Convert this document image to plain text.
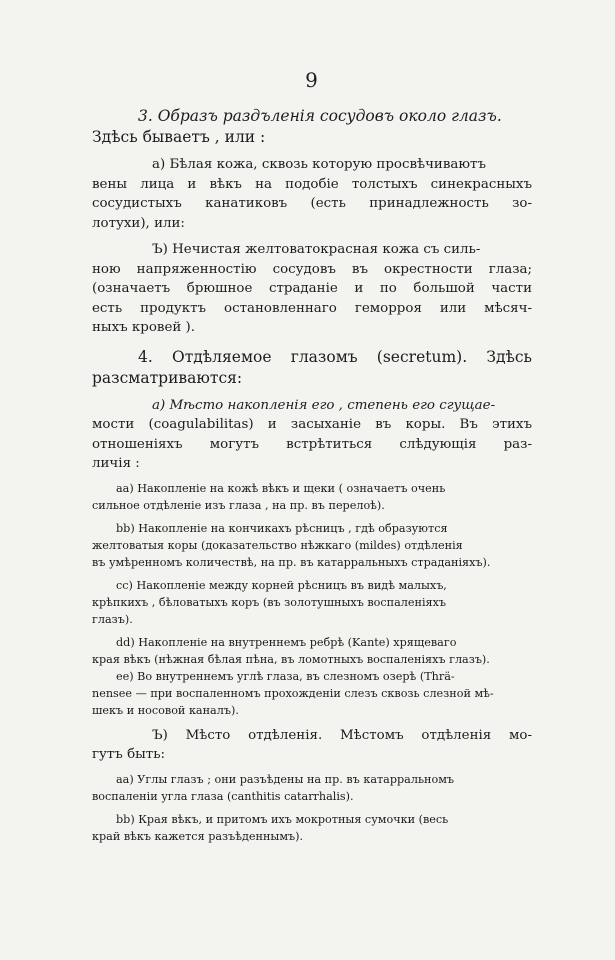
9
3. Образъ раздъленія сосудовъ около глазъ.
Здѣсь бываетъ , или :
а) Бѣлая кожа, сквозь которую просвѣчиваютъ
вены лица и вѣкъ на подобіе толстыхъ синекрасныхъ
сосудистыхъ канатиковъ (есть принадлежность зо-
лотухи), или:
Ъ) Нечистая желтоватокрасная кожа съ силь-
ною напряженностію сосудовъ въ окрестности глаза;
(означаетъ брюшное страданіе и по большой части
есть продуктъ остановленнаго геморроя или мѣсяч-
ныхъ кровей ).
4. Отдѣляемое глазомъ (secretum). Здѣсь
разсматриваются:
а) Мѣсто накопленія его , степень его сгущае-
мости (coagulabilitas) и засыханіе въ коры. Въ этихъ
отношеніяхъ могутъ встрѣтиться слѣдующія раз-
личія :
аа) Накопленіе на кожѣ вѣкъ и щеки ( означаетъ очень
сильное отдѣленіе изъ глаза , на пр. въ перелоѣ).
bb) Накопленіе на кончикахъ рѣсницъ , гдѣ образуются
желтоватыя коры (доказательство нѣжкаго (mildes) отдѣленія
въ умѣренномъ количествѣ, на пр. въ катарральныхъ страданіяхъ).
cc) Накопленіе между корней рѣсницъ въ видѣ малыхъ,
крѣпкихъ , бѣловатыхъ коръ (въ золотушныхъ воспаленіяхъ
глазъ).
dd) Накопленіе на внутреннемъ ребрѣ (Kante) хрящеваго
края вѣкъ (нѣжная бѣлая пѣна, въ ломотныхъ воспаленіяхъ глазъ).
ее) Во внутреннемъ углѣ глаза, въ слезномъ озерѣ (Thrä-
nensee — при воспаленномъ прохожденіи слезъ сквозь слезной мѣ-
шекъ и носовой каналъ).
Ъ) Мѣсто отдѣленія. Мѣстомъ отдѣленія мо-
гутъ быть:
аа) Углы глазъ ; они разъѣдены на пр. въ катарральномъ
воспаленіи угла глаза (canthitis catarrhalis).
bb) Края вѣкъ, и притомъ ихъ мокротныя сумочки (весь
край вѣкъ кажется разъѣденнымъ).
